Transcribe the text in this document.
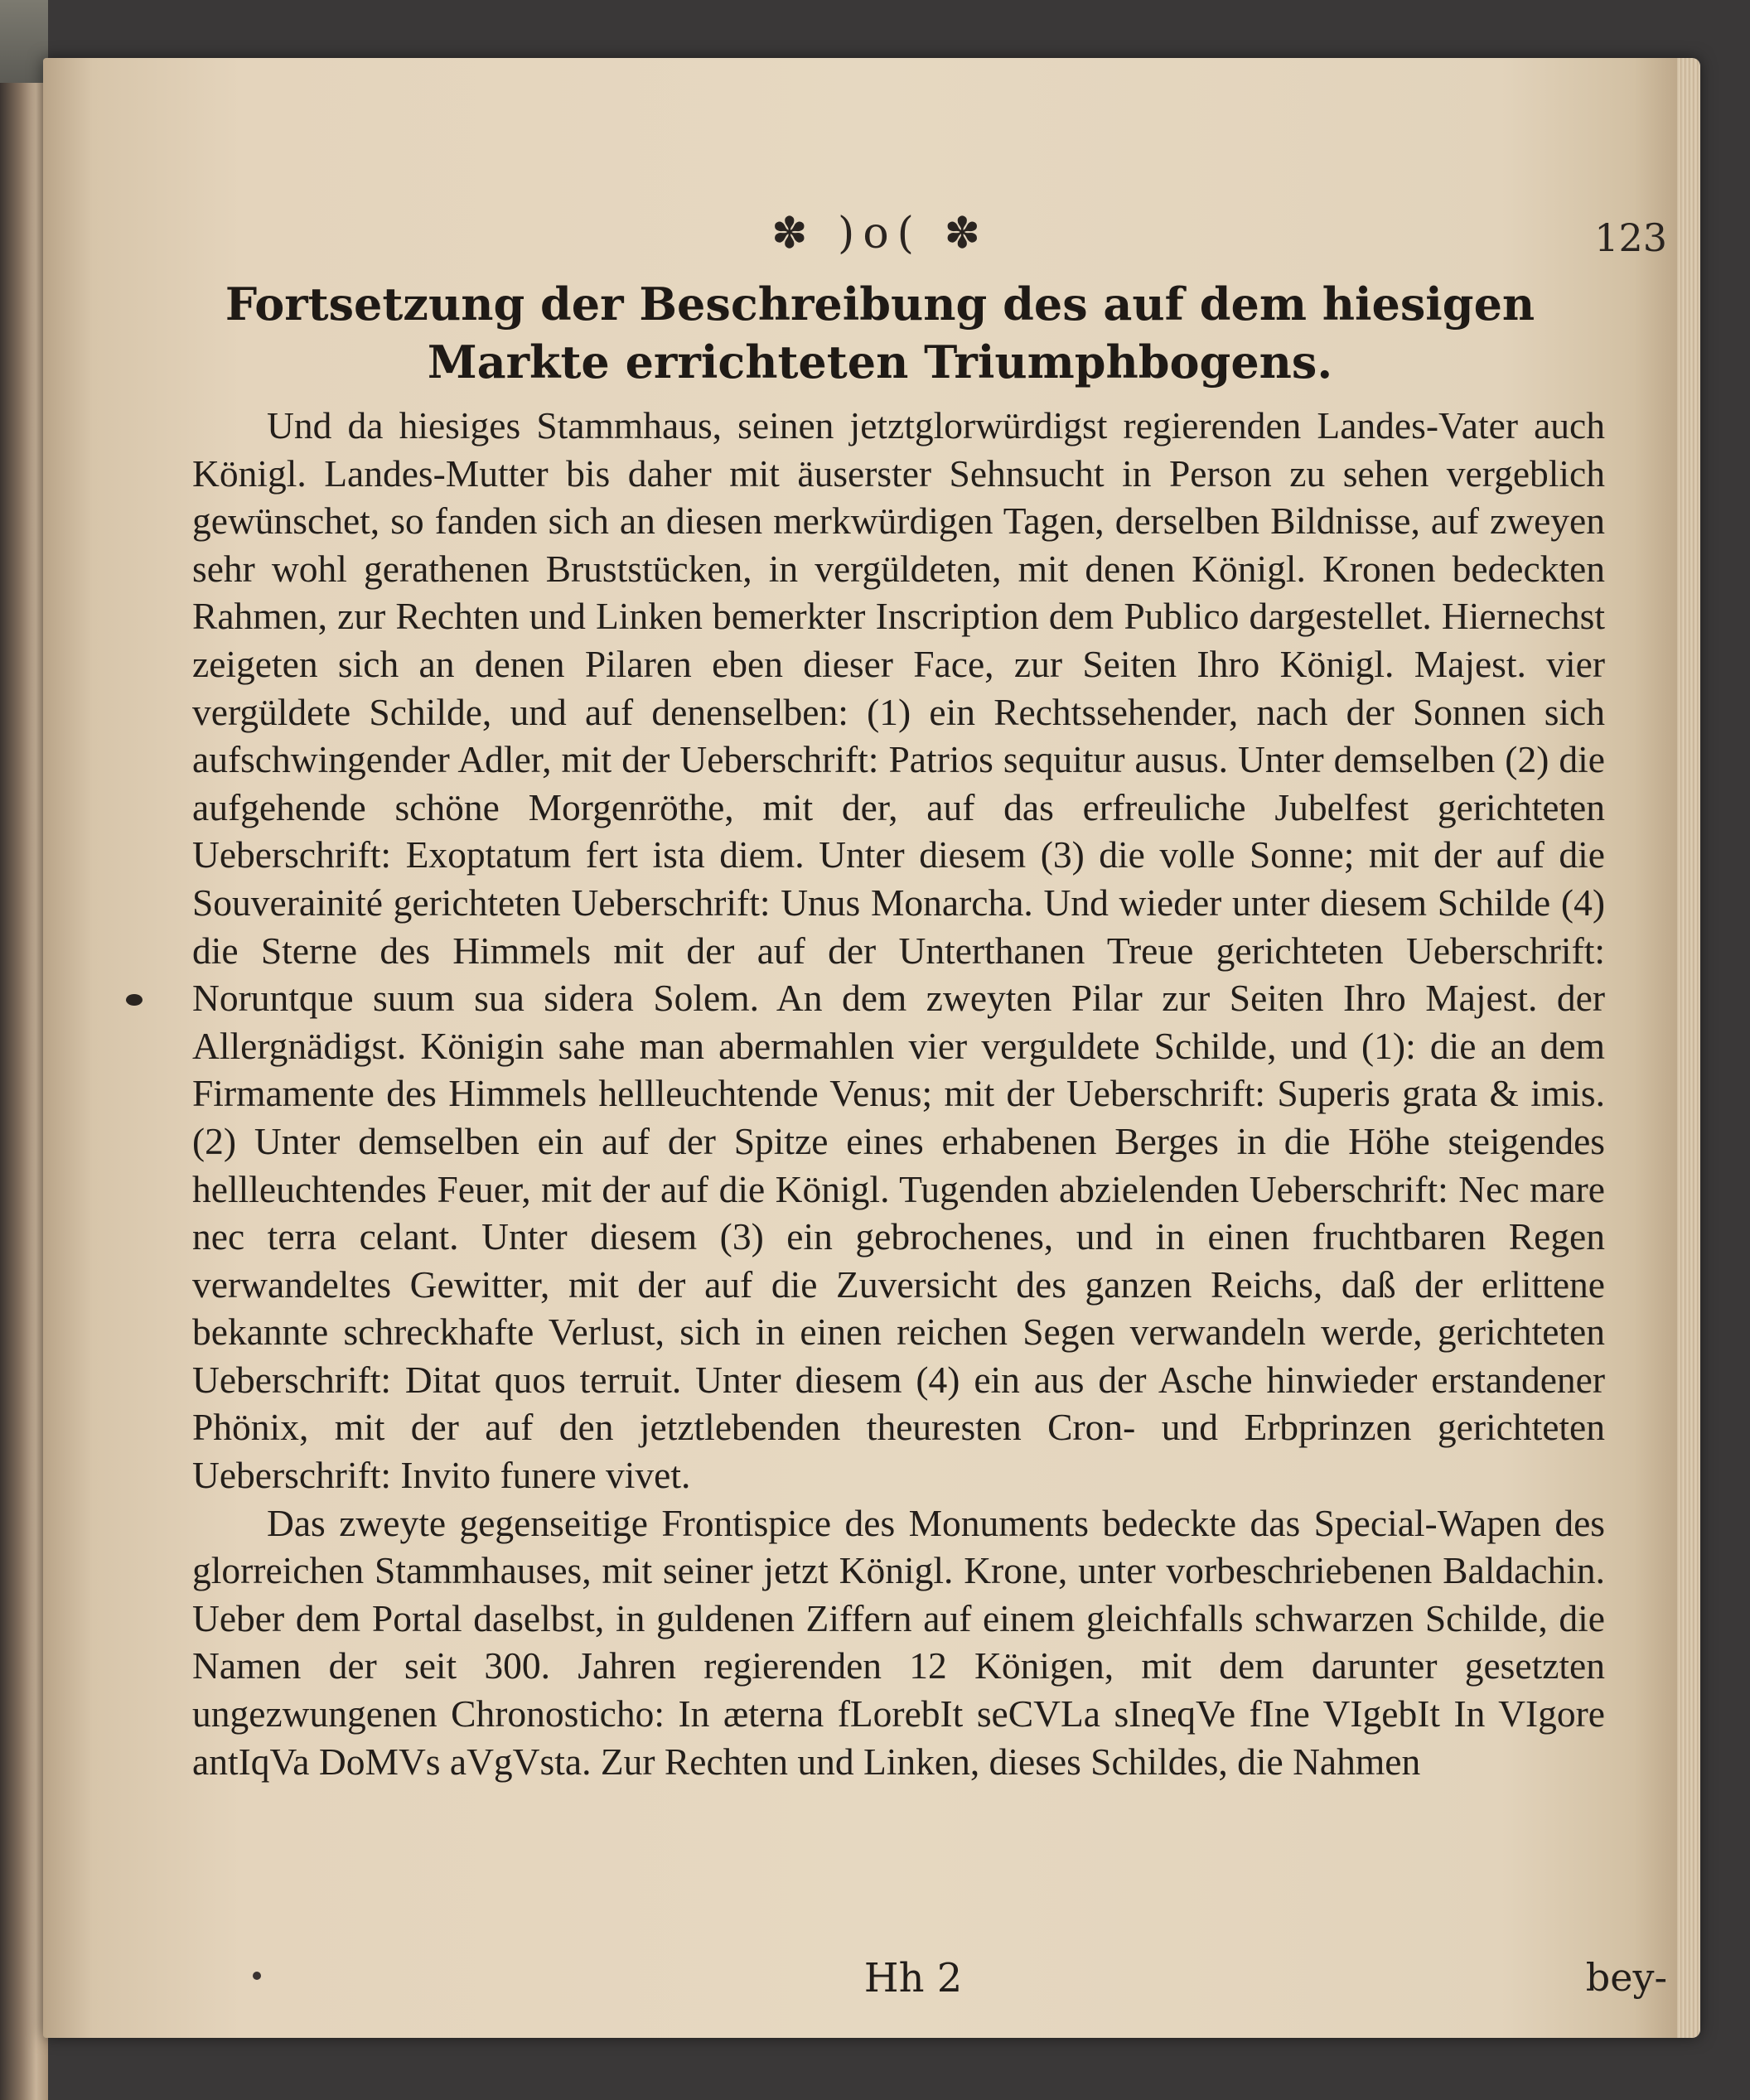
✽ )o( ✽	123
Fortsetzung der Beschreibung des auf dem hiesigen Markte errichteten Triumphbogens.

Und da hiesiges Stammhaus, seinen jetztglorwürdigst regierenden Landes-Vater auch Königl. Landes-Mutter bis daher mit äuserster Sehnsucht in Person zu sehen vergeblich gewünschet, so fanden sich an diesen merkwürdigen Tagen, derselben Bildnisse, auf zweyen sehr wohl gerathenen Bruststücken, in vergüldeten, mit denen Königl. Kronen bedeckten Rahmen, zur Rechten und Linken bemerkter Inscription dem Publico dargestellet. Hiernechst zeigeten sich an denen Pilaren eben dieser Face, zur Seiten Ihro Königl. Majest. vier vergüldete Schilde, und auf denenselben: (1) ein Rechtssehender, nach der Sonnen sich aufschwingender Adler, mit der Ueberschrift: Patrios sequitur ausus. Unter demselben (2) die aufgehende schöne Morgenröthe, mit der, auf das erfreuliche Jubelfest gerichteten Ueberschrift: Exoptatum fert ista diem. Unter diesem (3) die volle Sonne; mit der auf die Souverainité gerichteten Ueberschrift: Unus Monarcha. Und wieder unter diesem Schilde (4) die Sterne des Himmels mit der auf der Unterthanen Treue gerichteten Ueberschrift: Noruntque suum sua sidera Solem. An dem zweyten Pilar zur Seiten Ihro Majest. der Allergnädigst. Königin sahe man abermahlen vier verguldete Schilde, und (1): die an dem Firmamente des Himmels hellleuchtende Venus; mit der Ueberschrift: Superis grata & imis. (2) Unter demselben ein auf der Spitze eines erhabenen Berges in die Höhe steigendes hellleuchtendes Feuer, mit der auf die Königl. Tugenden abzielenden Ueberschrift: Nec mare nec terra celant. Unter diesem (3) ein gebrochenes, und in einen fruchtbaren Regen verwandeltes Gewitter, mit der auf die Zuversicht des ganzen Reichs, daß der erlittene bekannte schreckhafte Verlust, sich in einen reichen Segen verwandeln werde, gerichteten Ueberschrift: Ditat quos terruit. Unter diesem (4) ein aus der Asche hinwieder erstandener Phönix, mit der auf den jetztlebenden theuresten Cron- und Erbprinzen gerichteten Ueberschrift: Invito funere vivet.

Das zweyte gegenseitige Frontispice des Monuments bedeckte das Special-Wapen des glorreichen Stammhauses, mit seiner jetzt Königl. Krone, unter vorbeschriebenen Baldachin. Ueber dem Portal daselbst, in guldenen Ziffern auf einem gleichfalls schwarzen Schilde, die Namen der seit 300. Jahren regierenden 12 Königen, mit dem darunter gesetzten ungezwungenen Chronosticho: In æterna fLorebIt seCVLa sIneqVe fIne VIgebIt In VIgore antIqVa DoMVs aVgVsta. Zur Rechten und Linken, dieses Schildes, die Nahmen

Hh 2	bey-
